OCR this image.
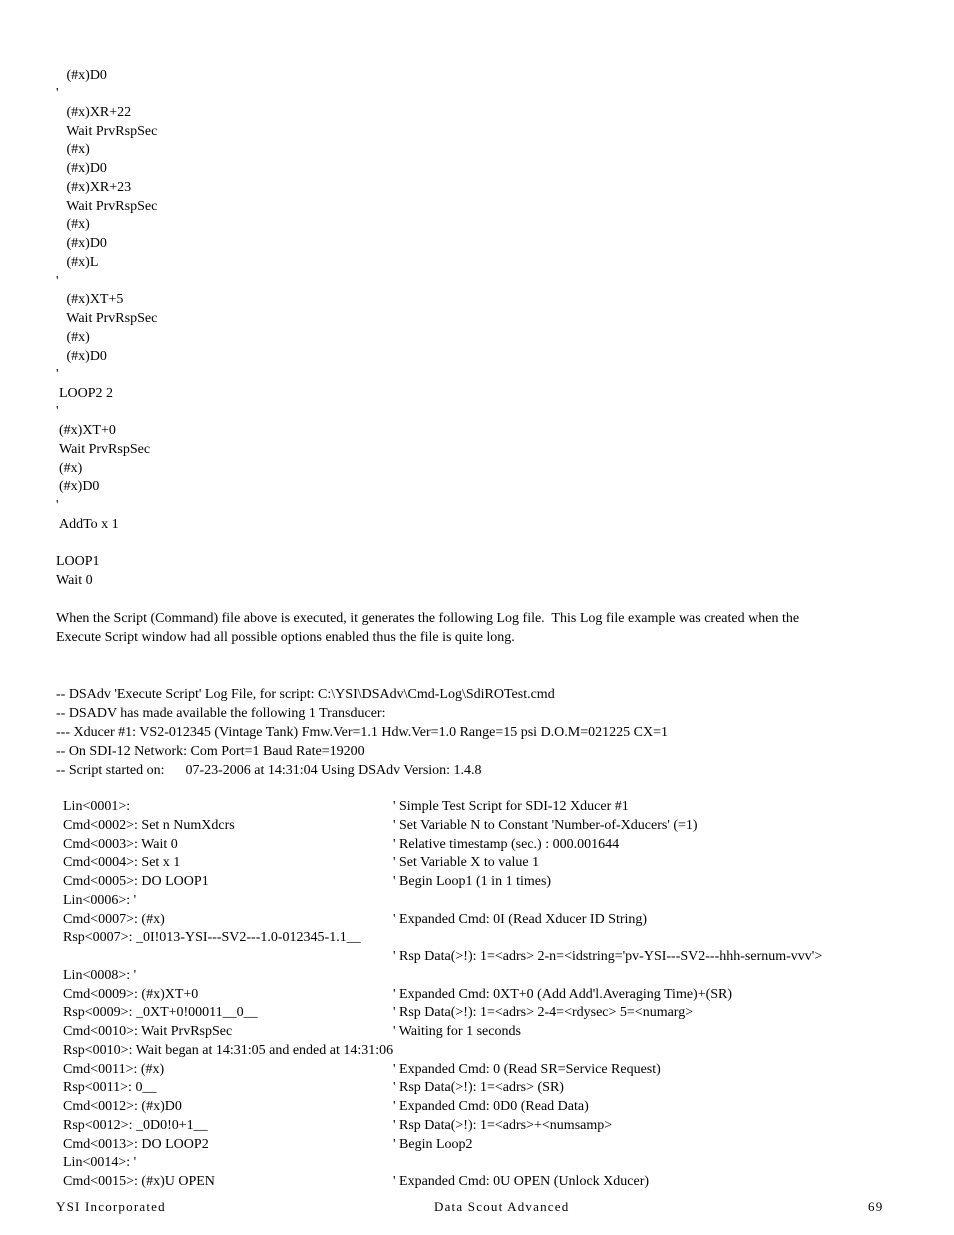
(#x)D0
'
(#x)XR+22
Wait PrvRspSec
(#x)
(#x)D0
(#x)XR+23
Wait PrvRspSec
(#x)
(#x)D0
(#x)L
'
(#x)XT+5
Wait PrvRspSec
(#x)
(#x)D0
'
LOOP2 2
'
(#x)XT+0
Wait PrvRspSec
(#x)
(#x)D0
'
AddTo x 1
LOOP1
Wait 0
When the Script (Command) file above is executed, it generates the following Log file.  This Log file example was created when the
Execute Script window had all possible options enabled thus the file is quite long.
-- DSAdv 'Execute Script' Log File, for script: C:\YSI\DSAdv\Cmd-Log\SdiROTest.cmd
-- DSADV has made available the following 1 Transducer:
--- Xducer #1: VS2-012345 (Vintage Tank) Fmw.Ver=1.1 Hdw.Ver=1.0 Range=15 psi D.O.M=021225 CX=1
-- On SDI-12 Network: Com Port=1 Baud Rate=19200
-- Script started on:      07-23-2006 at 14:31:04 Using DSAdv Version: 1.4.8
Lin<0001>:	' Simple Test Script for SDI-12 Xducer #1
Cmd<0002>: Set n NumXdcrs	' Set Variable N to Constant 'Number-of-Xducers' (=1)
Cmd<0003>: Wait 0	' Relative timestamp (sec.) : 000.001644
Cmd<0004>: Set x 1	' Set Variable X to value 1
Cmd<0005>: DO LOOP1	' Begin Loop1 (1 in 1 times)
Lin<0006>: '
Cmd<0007>: (#x)	' Expanded Cmd: 0I (Read Xducer ID String)
Rsp<0007>: _0I!013-YSI---SV2---1.0-012345-1.1__
' Rsp Data(>!): 1=<adrs> 2-n=<idstring='pv-YSI---SV2---hhh-sernum-vvv'>
Lin<0008>: '
Cmd<0009>: (#x)XT+0	' Expanded Cmd: 0XT+0 (Add Add'l.Averaging Time)+(SR)
Rsp<0009>: _0XT+0!00011__0__	' Rsp Data(>!): 1=<adrs> 2-4=<rdysec> 5=<numarg>
Cmd<0010>: Wait PrvRspSec	' Waiting for 1 seconds
Rsp<0010>: Wait began at 14:31:05 and ended at 14:31:06
Cmd<0011>: (#x)	' Expanded Cmd: 0 (Read SR=Service Request)
Rsp<0011>: 0__	' Rsp Data(>!): 1=<adrs> (SR)
Cmd<0012>: (#x)D0	' Expanded Cmd: 0D0 (Read Data)
Rsp<0012>: _0D0!0+1__	' Rsp Data(>!): 1=<adrs>+<numsamp>
Cmd<0013>: DO LOOP2	' Begin Loop2
Lin<0014>: '
Cmd<0015>: (#x)U OPEN	' Expanded Cmd: 0U OPEN (Unlock Xducer)
YSI Incorporated	Data Scout Advanced	69
